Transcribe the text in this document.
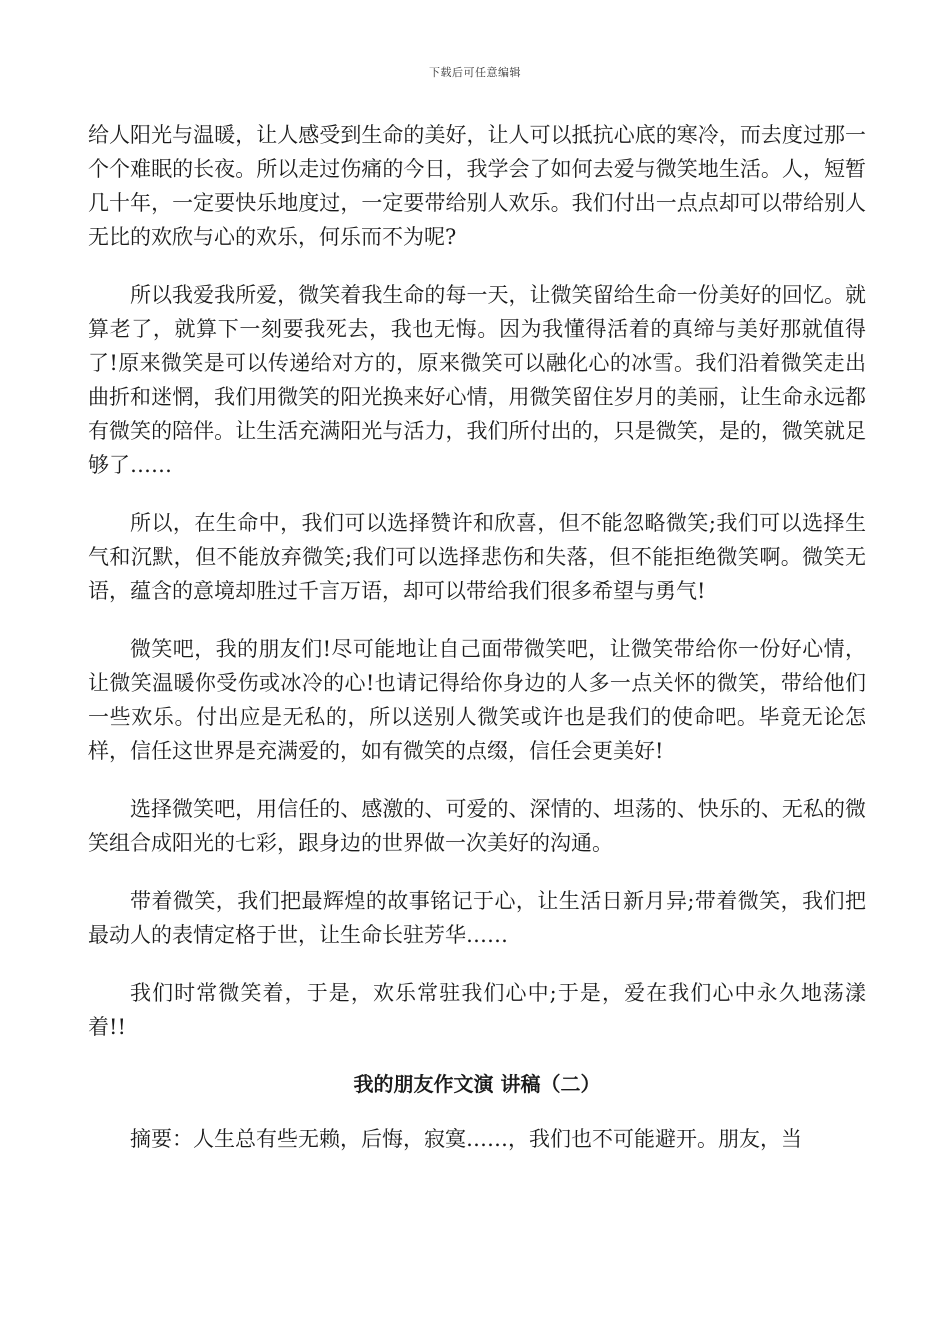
下载后可任意编辑

给人阳光与温暖，让人感受到生命的美好，让人可以抵抗心底的寒冷，而去度过那一个个难眠的长夜。所以走过伤痛的今日，我学会了如何去爱与微笑地生活。人，短暂几十年，一定要快乐地度过，一定要带给别人欢乐。我们付出一点点却可以带给别人无比的欢欣与心的欢乐，何乐而不为呢?

所以我爱我所爱，微笑着我生命的每一天，让微笑留给生命一份美好的回忆。就算老了，就算下一刻要我死去，我也无悔。因为我懂得活着的真缔与美好那就值得了!原来微笑是可以传递给对方的，原来微笑可以融化心的冰雪。我们沿着微笑走出曲折和迷惘，我们用微笑的阳光换来好心情，用微笑留住岁月的美丽，让生命永远都有微笑的陪伴。让生活充满阳光与活力，我们所付出的，只是微笑，是的，微笑就足够了……

所以，在生命中，我们可以选择赞许和欣喜，但不能忽略微笑;我们可以选择生气和沉默，但不能放弃微笑;我们可以选择悲伤和失落，但不能拒绝微笑啊。微笑无语，蕴含的意境却胜过千言万语，却可以带给我们很多希望与勇气!

微笑吧，我的朋友们!尽可能地让自己面带微笑吧，让微笑带给你一份好心情，让微笑温暖你受伤或冰冷的心!也请记得给你身边的人多一点关怀的微笑，带给他们一些欢乐。付出应是无私的，所以送别人微笑或许也是我们的使命吧。毕竟无论怎样，信任这世界是充满爱的，如有微笑的点缀，信任会更美好!

选择微笑吧，用信任的、感激的、可爱的、深情的、坦荡的、快乐的、无私的微笑组合成阳光的七彩，跟身边的世界做一次美好的沟通。

带着微笑，我们把最辉煌的故事铭记于心，让生活日新月异;带着微笑，我们把最动人的表情定格于世，让生命长驻芳华……

我们时常微笑着，于是，欢乐常驻我们心中;于是，爱在我们心中永久地荡漾着!!

我的朋友作文演 讲稿（二）

摘要：人生总有些无赖，后悔，寂寞……，我们也不可能避开。朋友，当
